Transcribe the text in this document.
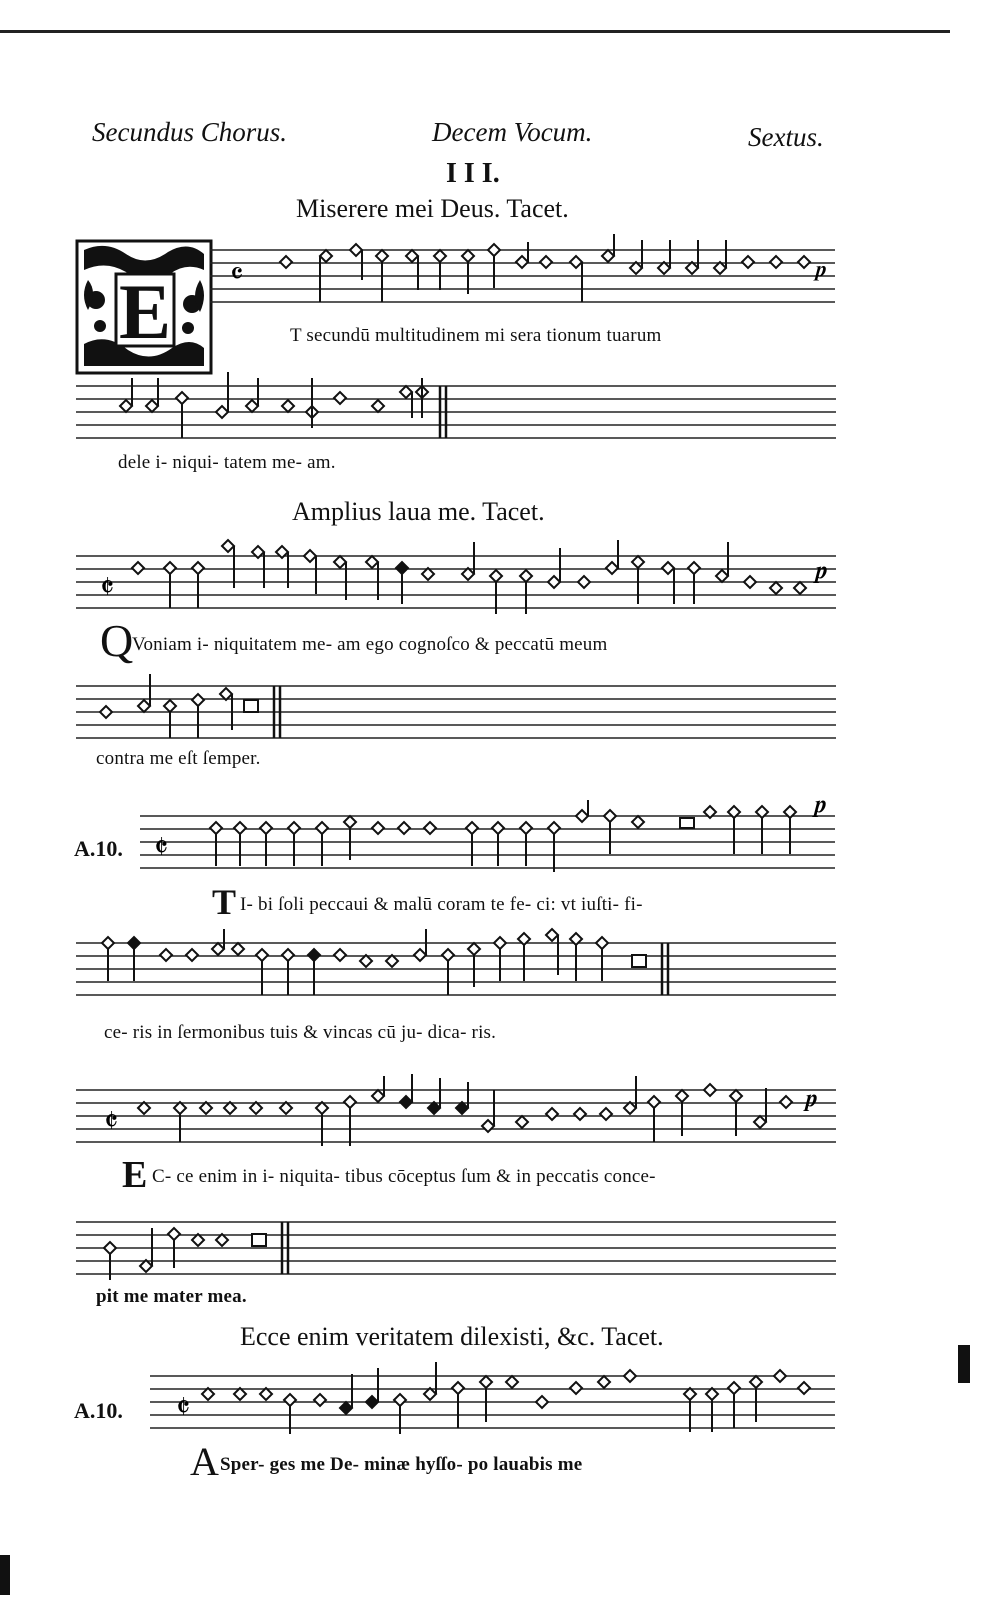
Secundus Chorus.	Decem Vocum.	Sextus.
I I I.
Miserere mei Deus. Tacet.
E 𝄴	𝆏
T secundū multitudinem mi sera tionum tuarum
dele i- niqui- tatem me- am.
Amplius laua me. Tacet.
𝄵	𝆏
Q
Voniam i- niquitatem me- am ego cognoſco & peccatū meum
contra me eſt ſemper.
A.10. 𝄵
𝆏
T I- bi ſoli peccaui & malū coram te fe- ci: vt iuſti- fi-
ce- ris in ſermonibus tuis & vincas cū ju- dica- ris.
𝄵
𝆏
E C- ce enim in i- niquita- tibus cōceptus ſum & in peccatis conce-
pit me mater mea.
Ecce enim veritatem dilexisti, &c. Tacet.
A.10. 𝄵
A Sper- ges me De- minæ hyſſo- po lauabis me
